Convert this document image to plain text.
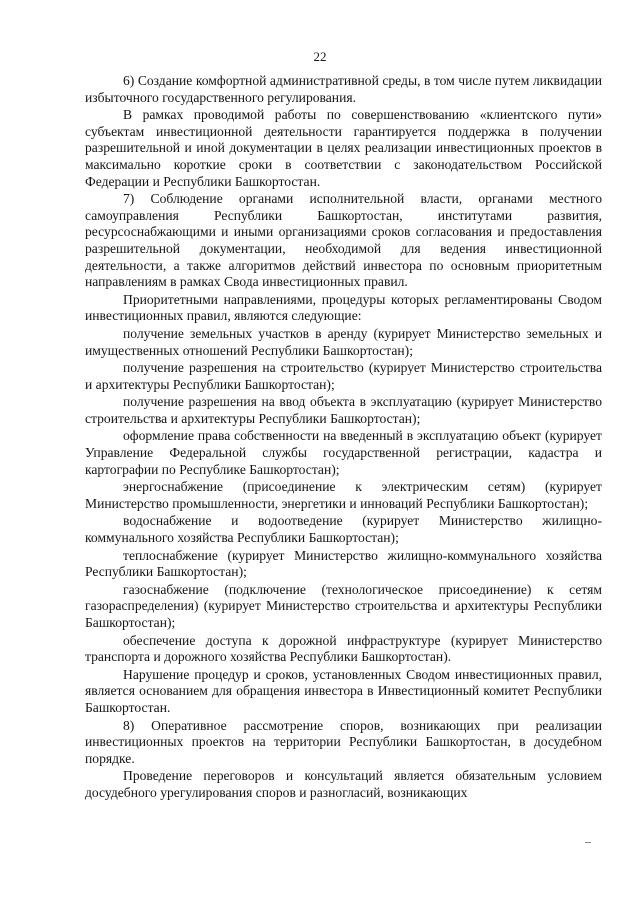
22

6) Создание комфортной административной среды, в том числе путем ликвидации избыточного государственного регулирования.

В рамках проводимой работы по совершенствованию «клиентского пути» субъектам инвестиционной деятельности гарантируется поддержка в получении разрешительной и иной документации в целях реализации инвестиционных проектов в максимально короткие сроки в соответствии с законодательством Российской Федерации и Республики Башкортостан.

7) Соблюдение органами исполнительной власти, органами местного самоуправления Республики Башкортостан, институтами развития, ресурсоснабжающими и иными организациями сроков согласования и предоставления разрешительной документации, необходимой для ведения инвестиционной деятельности, а также алгоритмов действий инвестора по основным приоритетным направлениям в рамках Свода инвестиционных правил.

Приоритетными направлениями, процедуры которых регламентированы Сводом инвестиционных правил, являются следующие:

получение земельных участков в аренду (курирует Министерство земельных и имущественных отношений Республики Башкортостан);

получение разрешения на строительство (курирует Министерство строительства и архитектуры Республики Башкортостан);

получение разрешения на ввод объекта в эксплуатацию (курирует Министерство строительства и архитектуры Республики Башкортостан);

оформление права собственности на введенный в эксплуатацию объект (курирует Управление Федеральной службы государственной регистрации, кадастра и картографии по Республике Башкортостан);

энергоснабжение (присоединение к электрическим сетям) (курирует Министерство промышленности, энергетики и инноваций Республики Башкортостан);

водоснабжение и водоотведение (курирует Министерство жилищно-коммунального хозяйства Республики Башкортостан);

теплоснабжение (курирует Министерство жилищно-коммунального хозяйства Республики Башкортостан);

газоснабжение (подключение (технологическое присоединение) к сетям газораспределения) (курирует Министерство строительства и архитектуры Республики Башкортостан);

обеспечение доступа к дорожной инфраструктуре (курирует Министерство транспорта и дорожного хозяйства Республики Башкортостан).

Нарушение процедур и сроков, установленных Сводом инвестиционных правил, является основанием для обращения инвестора в Инвестиционный комитет Республики Башкортостан.

8) Оперативное рассмотрение споров, возникающих при реализации инвестиционных проектов на территории Республики Башкортостан, в досудебном порядке.

Проведение переговоров и консультаций является обязательным условием досудебного урегулирования споров и разногласий, возникающих
